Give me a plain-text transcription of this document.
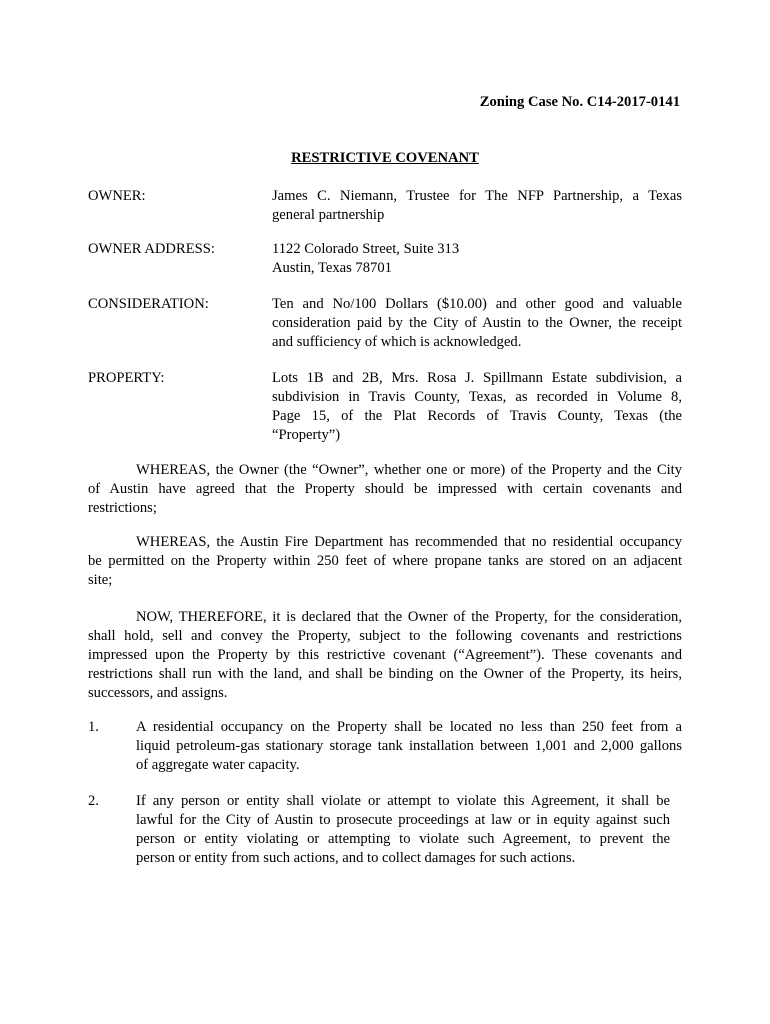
Zoning Case No. C14-2017-0141
RESTRICTIVE COVENANT
OWNER:	James C. Niemann, Trustee for The NFP Partnership, a Texas
general partnership
OWNER ADDRESS:	1122 Colorado Street, Suite 313
Austin, Texas 78701
CONSIDERATION:	Ten and No/100 Dollars ($10.00) and other good and valuable
consideration paid by the City of Austin to the Owner, the receipt
and sufficiency of which is acknowledged.
PROPERTY:	Lots 1B and 2B, Mrs. Rosa J. Spillmann Estate subdivision, a
subdivision in Travis County, Texas, as recorded in Volume 8,
Page 15, of the Plat Records of Travis County, Texas (the
“Property”)
WHEREAS, the Owner (the “Owner”, whether one or more) of the Property and the City
of Austin have agreed that the Property should be impressed with certain covenants and
restrictions;
WHEREAS, the Austin Fire Department has recommended that no residential occupancy
be permitted on the Property within 250 feet of where propane tanks are stored on an adjacent
site;
NOW, THEREFORE, it is declared that the Owner of the Property, for the consideration,
shall hold, sell and convey the Property, subject to the following covenants and restrictions
impressed upon the Property by this restrictive covenant (“Agreement”). These covenants and
restrictions shall run with the land, and shall be binding on the Owner of the Property, its heirs,
successors, and assigns.
1.	A residential occupancy on the Property shall be located no less than 250 feet from a
liquid petroleum-gas stationary storage tank installation between 1,001 and 2,000 gallons
of aggregate water capacity.
2.	If any person or entity shall violate or attempt to violate this Agreement, it shall be
lawful for the City of Austin to prosecute proceedings at law or in equity against such
person or entity violating or attempting to violate such Agreement, to prevent the
person or entity from such actions, and to collect damages for such actions.
